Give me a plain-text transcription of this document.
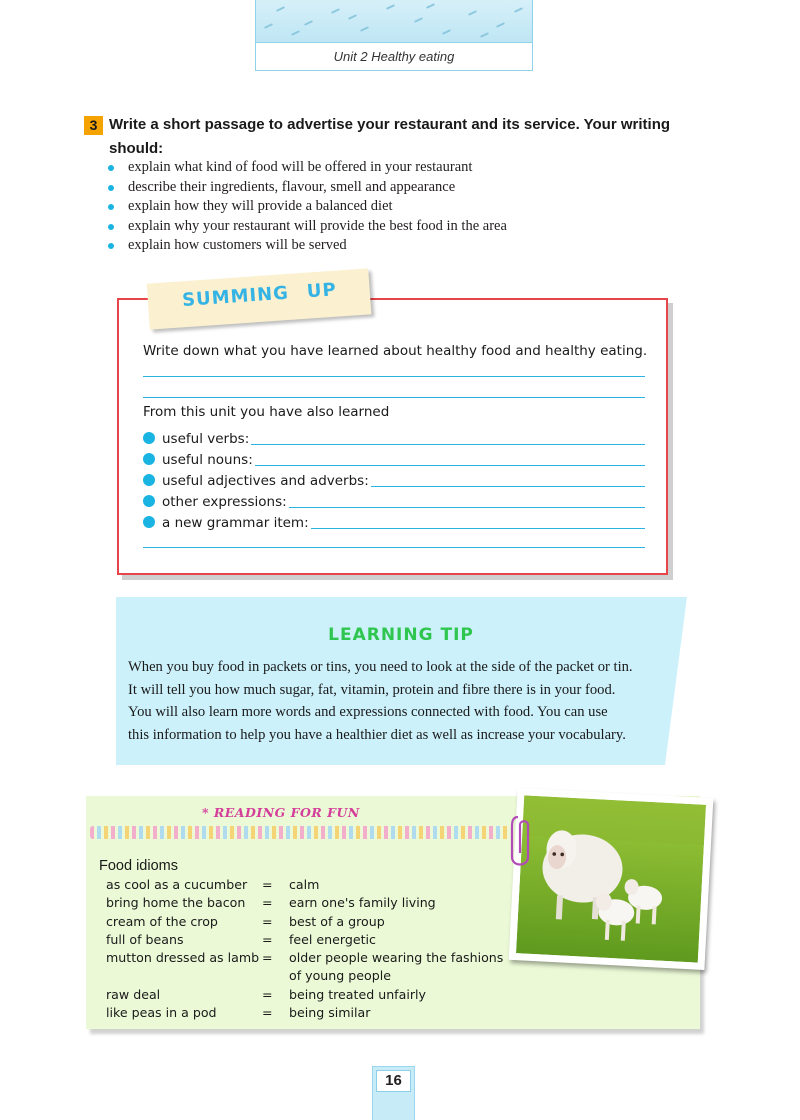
Unit 2 Healthy eating
3 Write a short passage to advertise your restaurant and its service. Your writing should:
explain what kind of food will be offered in your restaurant
describe their ingredients, flavour, smell and appearance
explain how they will provide a balanced diet
explain why your restaurant will provide the best food in the area
explain how customers will be served
SUMMING UP
Write down what you have learned about healthy food and healthy eating.
From this unit you have also learned
useful verbs:
useful nouns:
useful adjectives and adverbs:
other expressions:
a new grammar item:
LEARNING TIP
When you buy food in packets or tins, you need to look at the side of the packet or tin.
It will tell you how much sugar, fat, vitamin, protein and fibre there is in your food.
You will also learn more words and expressions connected with food. You can use
this information to help you have a healthier diet as well as increase your vocabulary.
* READING FOR FUN
Food idioms
as cool as a cucumber = calm
bring home the bacon = earn one's family living
cream of the crop	= best of a group
full of beans	= feel energetic
mutton dressed as lamb = older people wearing the fashions
of young people
raw deal	= being treated unfairly
like peas in a pod	= being similar
16
